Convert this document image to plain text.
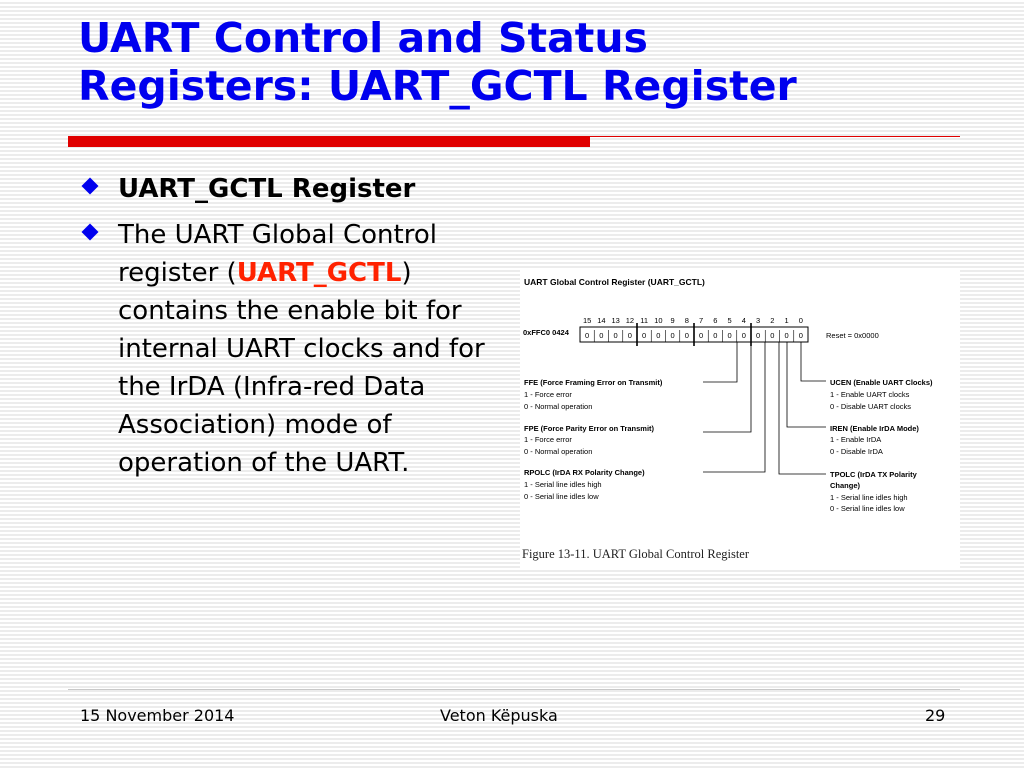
UART Control and Status
Registers: UART_GCTL Register
UART_GCTL Register
The UART Global Control register (UART_GCTL) contains the enable bit for internal UART clocks and for the IrDA (Infra-red Data Association) mode of operation of the UART.
UART Global Control Register (UART_GCTL)
15 14 13 12 11 10 9 8 7 6 5 4 3 2 1 0
0xFFC0 0424 0 0 0 0 0 0 0 0 0 0 0 0 0 0 0 0	Reset = 0x0000
FFE (Force Framing Error on Transmit)
1 - Force error
0 - Normal operation
FPE (Force Parity Error on Transmit)
1 - Force error
0 - Normal operation
RPOLC (IrDA RX Polarity Change)
1 - Serial line idles high
0 - Serial line idles low
UCEN (Enable UART Clocks)
1 - Enable UART clocks
0 - Disable UART clocks
IREN (Enable IrDA Mode)
1 - Enable IrDA
0 - Disable IrDA
TPOLC (IrDA TX Polarity
Change)
1 - Serial line idles high
0 - Serial line idles low
Figure 13-11. UART Global Control Register
15 November 2014	Veton Këpuska	29
